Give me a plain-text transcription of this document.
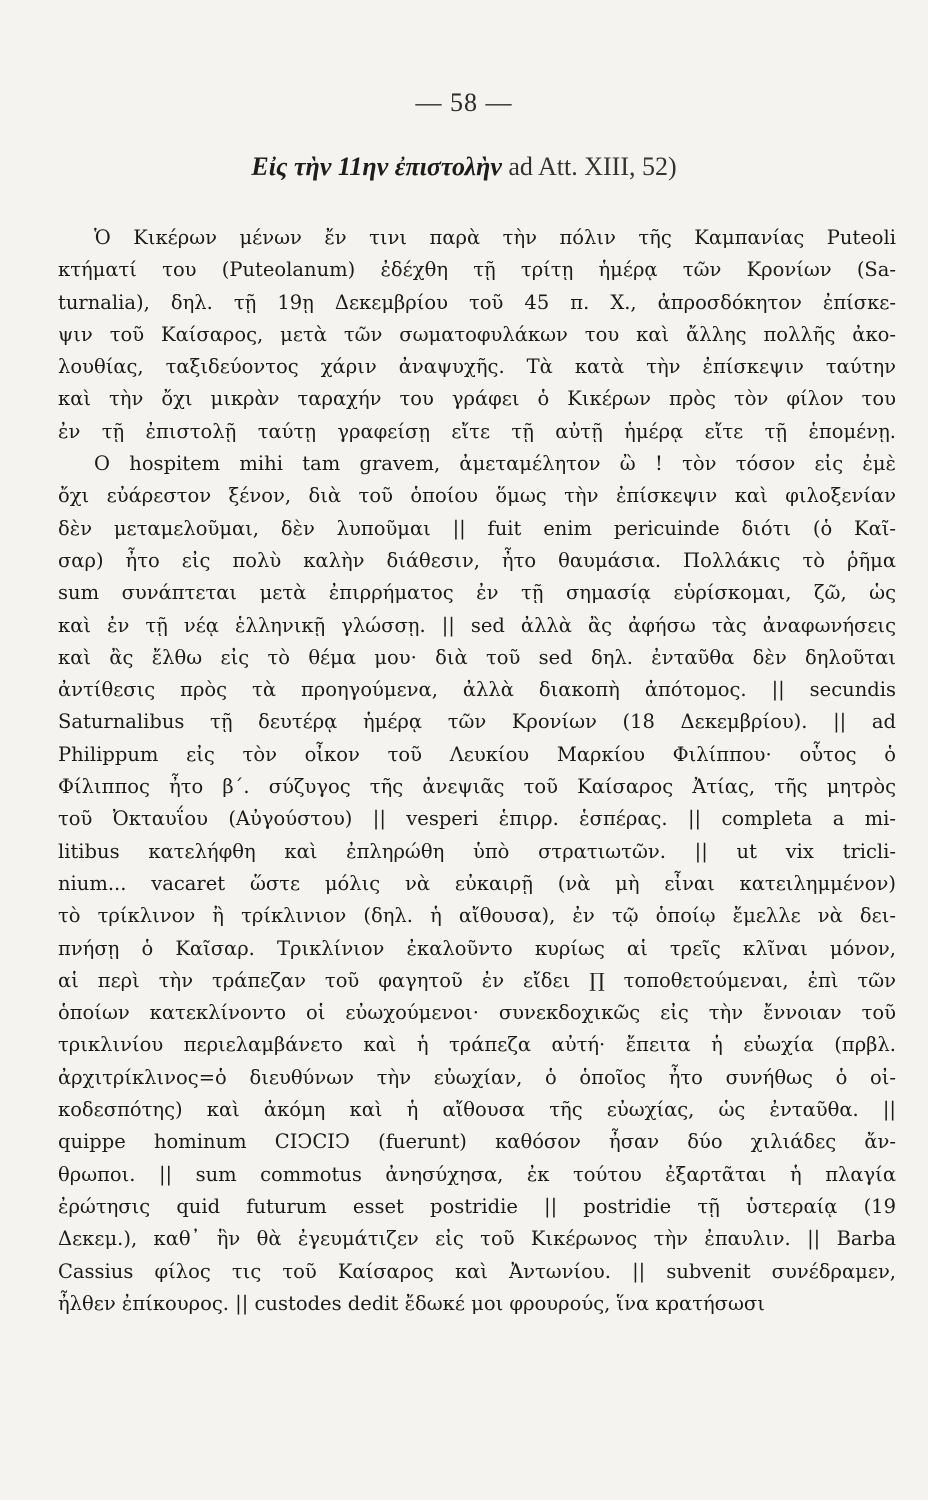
— 58 —
Εἰς τὴν 11ην ἐπιστολὴν ad Att. XIII, 52)
Ὁ Κικέρων μένων ἔν τινι παρὰ τὴν πόλιν τῆς Καμπανίας Puteoli
κτήματί του (Puteolanum) ἐδέχθη τῇ τρίτῃ ἡμέρᾳ τῶν Κρονίων (Sa-
turnalia), δηλ. τῇ 19ῃ Δεκεμβρίου τοῦ 45 π. Χ., ἀπροσδόκητον ἐπίσκε-
ψιν τοῦ Καίσαρος, μετὰ τῶν σωματοφυλάκων του καὶ ἄλλης πολλῆς ἀκο-
λουθίας, ταξιδεύοντος χάριν ἀναψυχῆς. Τὰ κατὰ τὴν ἐπίσκεψιν ταύτην
καὶ τὴν ὄχι μικρὰν ταραχήν του γράφει ὁ Κικέρων πρὸς τὸν φίλον του
ἐν τῇ ἐπιστολῇ ταύτῃ γραφείσῃ εἴτε τῇ αὐτῇ ἡμέρᾳ εἴτε τῇ ἑπομένῃ.
O hospitem mihi tam gravem, ἀμεταμέλητον ὢ ! τὸν τόσον εἰς ἐμὲ
ὄχι εὐάρεστον ξένον, διὰ τοῦ ὁποίου ὅμως τὴν ἐπίσκεψιν καὶ φιλοξενίαν
δὲν μεταμελοῦμαι, δὲν λυποῦμαι || fuit enim pericuinde διότι (ὁ Καῖ-
σαρ) ἦτο εἰς πολὺ καλὴν διάθεσιν, ἦτο θαυμάσια. Πολλάκις τὸ ῥῆμα
sum συνάπτεται μετὰ ἐπιρρήματος ἐν τῇ σημασίᾳ εὑρίσκομαι, ζῶ, ὡς
καὶ ἐν τῇ νέᾳ ἑλληνικῇ γλώσσῃ. || sed ἀλλὰ ἂς ἀφήσω τὰς ἀναφωνήσεις
καὶ ἂς ἔλθω εἰς τὸ θέμα μου· διὰ τοῦ sed δηλ. ἐνταῦθα δὲν δηλοῦται
ἀντίθεσις πρὸς τὰ προηγούμενα, ἀλλὰ διακοπὴ ἀπότομος. || secundis
Saturnalibus τῇ δευτέρᾳ ἡμέρᾳ τῶν Κρονίων (18 Δεκεμβρίου). || ad
Philippum εἰς τὸν οἶκον τοῦ Λευκίου Μαρκίου Φιλίππου· οὗτος ὁ
Φίλιππος ἦτο β΄. σύζυγος τῆς ἀνεψιᾶς τοῦ Καίσαρος Ἀτίας, τῆς μητρὸς
τοῦ Ὀκταυΐου (Αὐγούστου) || vesperi ἑπιρρ. ἑσπέρας. || completa a mi-
litibus κατελήφθη καὶ ἐπληρώθη ὑπὸ στρατιωτῶν. || ut vix tricli-
nium... vacaret ὥστε μόλις νὰ εὐκαιρῇ (νὰ μὴ εἶναι κατειλημμένον)
τὸ τρίκλινον ἢ τρίκλινιον (δηλ. ἡ αἴθουσα), ἐν τῷ ὁποίῳ ἔμελλε νὰ δει-
πνήσῃ ὁ Καῖσαρ. Τρικλίνιον ἐκαλοῦντο κυρίως αἱ τρεῖς κλῖναι μόνον,
αἱ περὶ τὴν τράπεζαν τοῦ φαγητοῦ ἐν εἴδει ∏ τοποθετούμεναι, ἐπὶ τῶν
ὁποίων κατεκλίνοντο οἱ εὐωχούμενοι· συνεκδοχικῶς εἰς τὴν ἔννοιαν τοῦ
τρικλινίου περιελαμβάνετο καὶ ἡ τράπεζα αὐτή· ἔπειτα ἡ εὐωχία (πρβλ.
ἀρχιτρίκλινος=ὁ διευθύνων τὴν εὐωχίαν, ὁ ὁποῖος ἦτο συνήθως ὁ οἰ-
κοδεσπότης) καὶ ἀκόμη καὶ ἡ αἴθουσα τῆς εὐωχίας, ὡς ἐνταῦθα. ||
quippe hominum CIↃCIↃ (fuerunt) καθόσον ἦσαν δύο χιλιάδες ἄν-
θρωποι. || sum commotus ἀνησύχησα, ἐκ τούτου ἐξαρτᾶται ἡ πλαγία
ἐρώτησις quid futurum esset postridie || postridie τῇ ὑστεραίᾳ (19
Δεκεμ.), καθ᾽ ἣν θὰ ἐγευμάτιζεν εἰς τοῦ Κικέρωνος τὴν ἐπαυλιν. || Barba
Cassius φίλος τις τοῦ Καίσαρος καὶ Ἀντωνίου. || subvenit συνέδραμεν,
ἦλθεν ἐπίκουρος. || custodes dedit ἔδωκέ μοι φρουρούς, ἵνα κρατήσωσι
